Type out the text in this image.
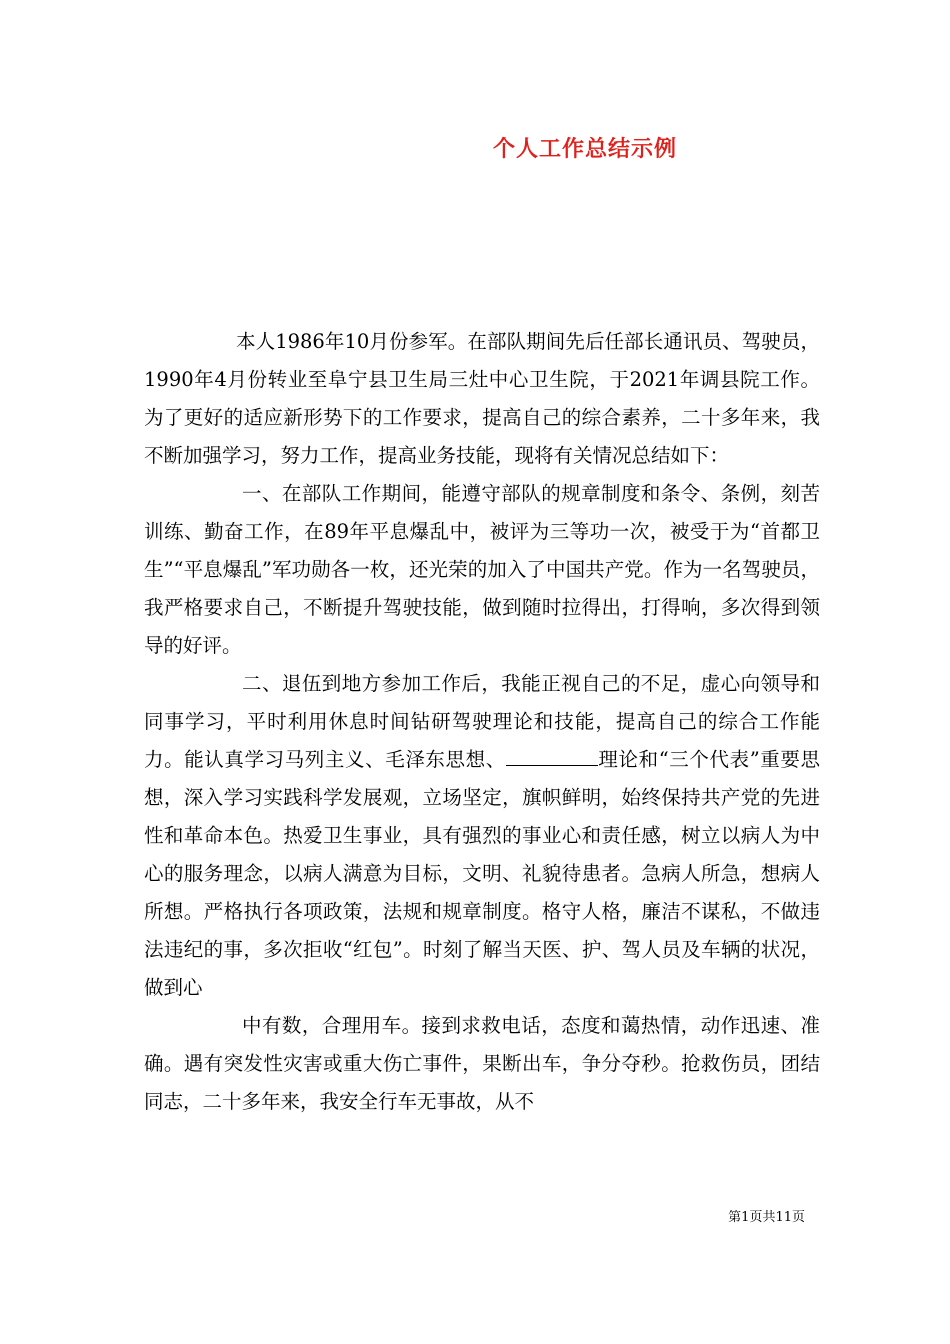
个人工作总结示例

本人1986年10月份参军。在部队期间先后任部长通讯员、驾驶员，1990年4月份转业至阜宁县卫生局三灶中心卫生院，于2021年调县院工作。为了更好的适应新形势下的工作要求，提高自己的综合素养，二十多年来，我不断加强学习，努力工作，提高业务技能，现将有关情况总结如下：

一、在部队工作期间，能遵守部队的规章制度和条令、条例，刻苦训练、勤奋工作，在89年平息爆乱中，被评为三等功一次，被受于为“首都卫生”“平息爆乱”军功勋各一枚，还光荣的加入了中国共产党。作为一名驾驶员，我严格要求自己，不断提升驾驶技能，做到随时拉得出，打得响，多次得到领导的好评。

二、退伍到地方参加工作后，我能正视自己的不足，虚心向领导和同事学习，平时利用休息时间钻研驾驶理论和技能，提高自己的综合工作能力。能认真学习马列主义、毛泽东思想、	理论和“三个代表”重要思想，深入学习实践科学发展观，立场坚定，旗帜鲜明，始终保持共产党的先进性和革命本色。热爱卫生事业，具有强烈的事业心和责任感，树立以病人为中心的服务理念，以病人满意为目标，文明、礼貌待患者。急病人所急，想病人所想。严格执行各项政策，法规和规章制度。格守人格，廉洁不谋私，不做违法违纪的事，多次拒收“红包”。时刻了解当天医、护、驾人员及车辆的状况，做到心

中有数，合理用车。接到求救电话，态度和蔼热情，动作迅速、准确。遇有突发性灾害或重大伤亡事件，果断出车，争分夺秒。抢救伤员，团结同志，二十多年来，我安全行车无事故，从不

第1页共11页
